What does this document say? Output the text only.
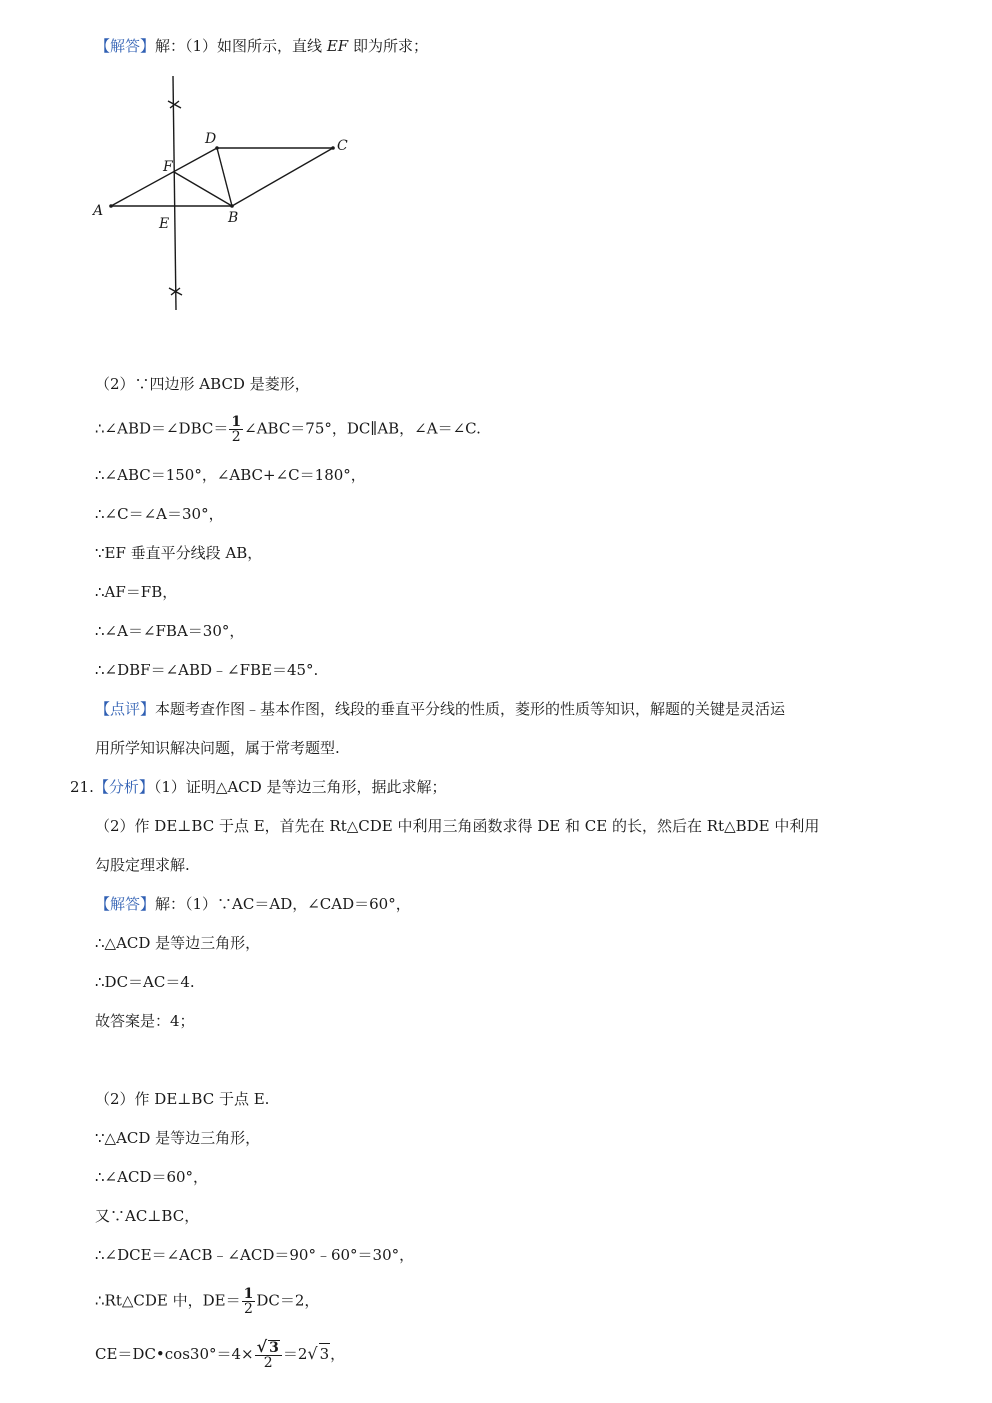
【解答】解：（1）如图所示，直线 EF 即为所求；
A	B
C
D
E
F
（2）∵四边形 ABCD 是菱形，
∴∠ABD＝∠DBC＝ $\frac{1}{2}$ ∠ABC＝75°，DC∥AB，∠A＝∠C.
∴∠ABC＝150°，∠ABC+∠C＝180°，
∴∠C＝∠A＝30°，
∵EF 垂直平分线段 AB，
∴AF＝FB，
∴∠A＝∠FBA＝30°，
∴∠DBF＝∠ABD﹣∠FBE＝45°.
【点评】本题考查作图﹣基本作图，线段的垂直平分线的性质，菱形的性质等知识，解题的关键是灵活运
用所学知识解决问题，属于常考题型.
21.【分析】（1）证明△ACD 是等边三角形，据此求解；
（2）作 DE⊥BC 于点 E，首先在 Rt△CDE 中利用三角函数求得 DE 和 CE 的长，然后在 Rt△BDE 中利用
勾股定理求解.
【解答】解：（1）∵AC＝AD，∠CAD＝60°，
∴△ACD 是等边三角形，
∴DC＝AC＝4.
故答案是：4；
（2）作 DE⊥BC 于点 E.
∵△ACD 是等边三角形，
∴∠ACD＝60°，
又∵AC⊥BC，
∴∠DCE＝∠ACB﹣∠ACD＝90°﹣60°＝30°，
∴Rt△CDE 中，$DE= \frac{1}{2} DC=2$，
CE＝DC•cos30°＝4× $\frac{√ 3}{2} =2√$ 3，
